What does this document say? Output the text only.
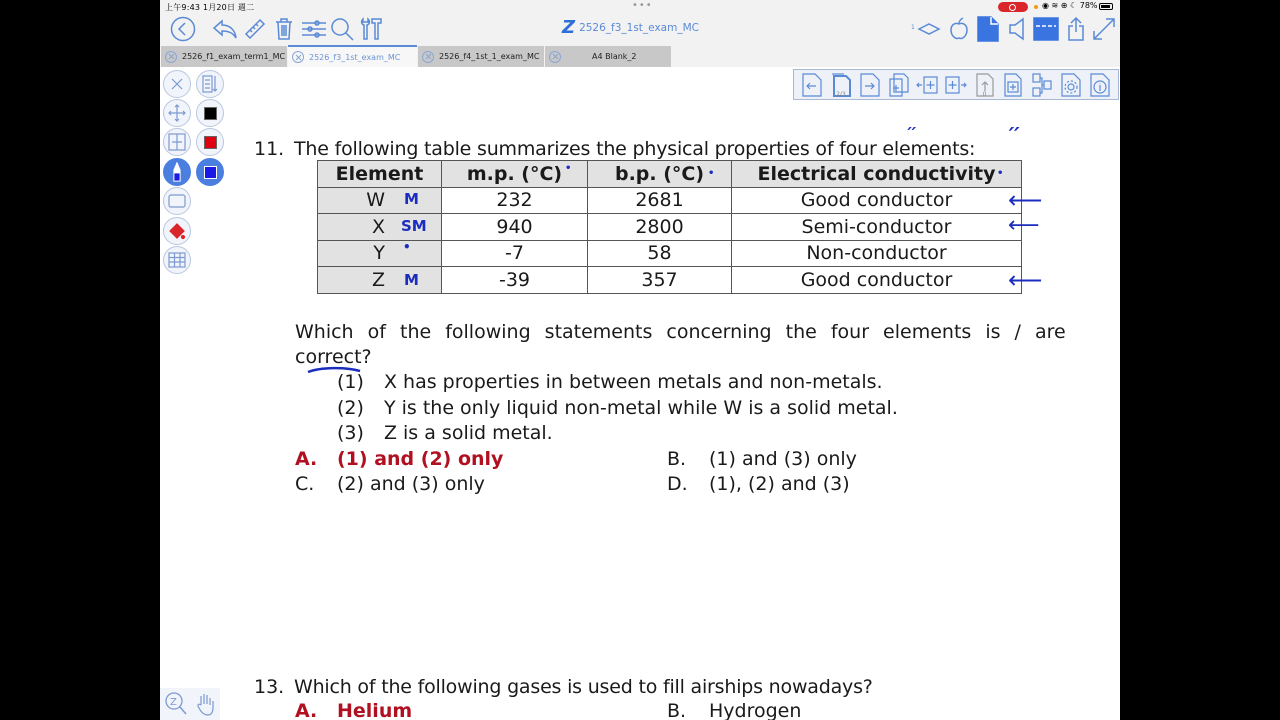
上午9:43 1月20日 週二	•••	◉ ≋ ⊕ ☾ 78%
Z 2526_f3_1st_exam_MC	1
2526_f1_exam_term1_MC	2526_f3_1st_exam_MC	2526_f4_1st_1_exam_MC	A4 Blank_2
2/3	0
11. The following table summarizes the physical properties of four elements:
Element	m.p. (°C)	b.p. (°C)	Electrical conductivity
W	232	2681	Good conductor
X	940	2800	Semi-conductor
Y	-7	58	Non-conductor
Z	-39	357	Good conductor
M
SM
•
M
•	•	•
״	״
⟵
⟵
⟵
Which of the following statements concerning the four elements is / are
correct?
(1) X has properties in between metals and non-metals.
(2) Y is the only liquid non-metal while W is a solid metal.
(3) Z is a solid metal.
A. (1) and (2) only	B. (1) and (3) only
C. (2) and (3) only	D. (1), (2) and (3)
13. Which of the following gases is used to fill airships nowadays?
A. Helium	B. Hydrogen
Z
